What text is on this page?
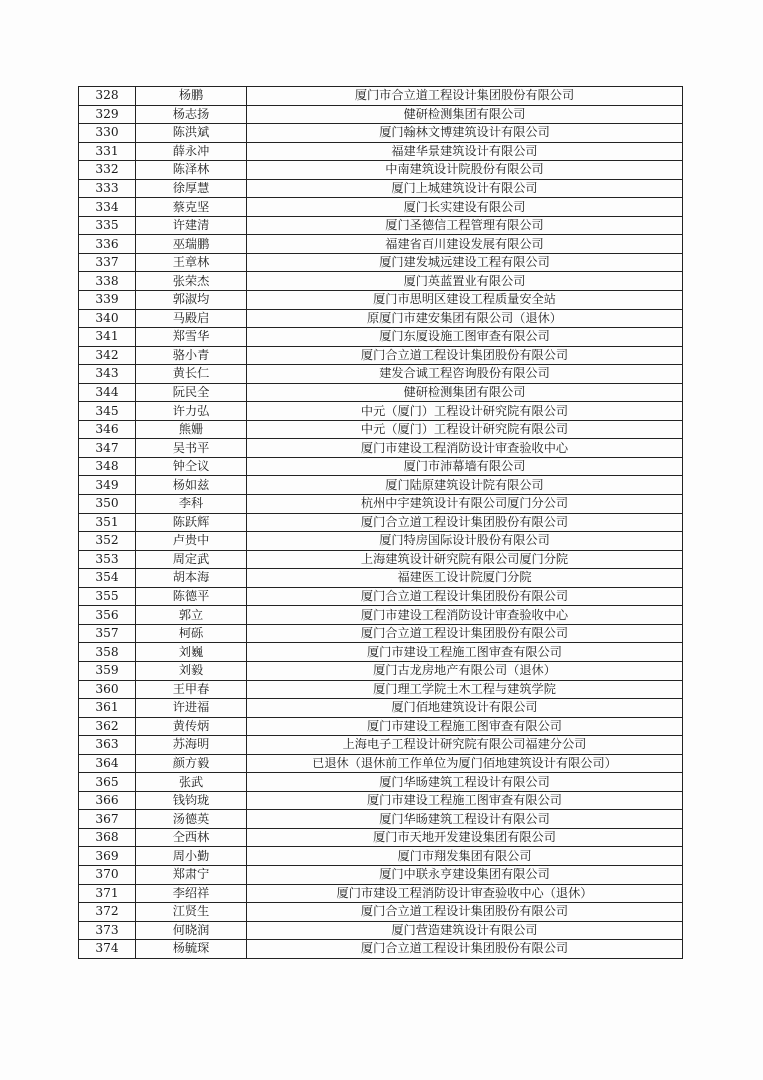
328	杨鹏	厦门市合立道工程设计集团股份有限公司
329	杨志扬	健研检测集团有限公司
330	陈洪斌	厦门翰林文博建筑设计有限公司
331	薛永冲	福建华景建筑设计有限公司
332	陈泽林	中南建筑设计院股份有限公司
333	徐厚慧	厦门上城建筑设计有限公司
334	蔡克坚	厦门长实建设有限公司
335	许建清	厦门圣德信工程管理有限公司
336	巫瑞鹏	福建省百川建设发展有限公司
337	王章林	厦门建发城远建设工程有限公司
338	张荣杰	厦门英蓝置业有限公司
339	郭淑均	厦门市思明区建设工程质量安全站
340	马殿启	原厦门市建安集团有限公司（退休）
341	郑雪华	厦门东厦设施工图审查有限公司
342	骆小青	厦门合立道工程设计集团股份有限公司
343	黄长仁	建发合诚工程咨询股份有限公司
344	阮民全	健研检测集团有限公司
345	许力弘	中元（厦门）工程设计研究院有限公司
346	熊姗	中元（厦门）工程设计研究院有限公司
347	吴书平	厦门市建设工程消防设计审查验收中心
348	钟仝议	厦门市沛幕墙有限公司
349	杨如兹	厦门陆原建筑设计院有限公司
350	李科	杭州中宇建筑设计有限公司厦门分公司
351	陈跃辉	厦门合立道工程设计集团股份有限公司
352	卢贵中	厦门特房国际设计股份有限公司
353	周定武	上海建筑设计研究院有限公司厦门分院
354	胡本海	福建医工设计院厦门分院
355	陈德平	厦门合立道工程设计集团股份有限公司
356	郭立	厦门市建设工程消防设计审查验收中心
357	柯砾	厦门合立道工程设计集团股份有限公司
358	刘巍	厦门市建设工程施工图审查有限公司
359	刘毅	厦门古龙房地产有限公司（退休）
360	王甲春	厦门理工学院土木工程与建筑学院
361	许进福	厦门佰地建筑设计有限公司
362	黄传炳	厦门市建设工程施工图审查有限公司
363	苏海明	上海电子工程设计研究院有限公司福建分公司
364	颜方毅	已退休（退休前工作单位为厦门佰地建筑设计有限公司）
365	张武	厦门华旸建筑工程设计有限公司
366	钱钧珑	厦门市建设工程施工图审查有限公司
367	汤德英	厦门华旸建筑工程设计有限公司
368	仝西林	厦门市天地开发建设集团有限公司
369	周小勤	厦门市翔发集团有限公司
370	郑肃宁	厦门中联永亨建设集团有限公司
371	李绍祥	厦门市建设工程消防设计审查验收中心（退休）
372	江贤生	厦门合立道工程设计集团股份有限公司
373	何晓润	厦门营造建筑设计有限公司
374	杨毓琛	厦门合立道工程设计集团股份有限公司
